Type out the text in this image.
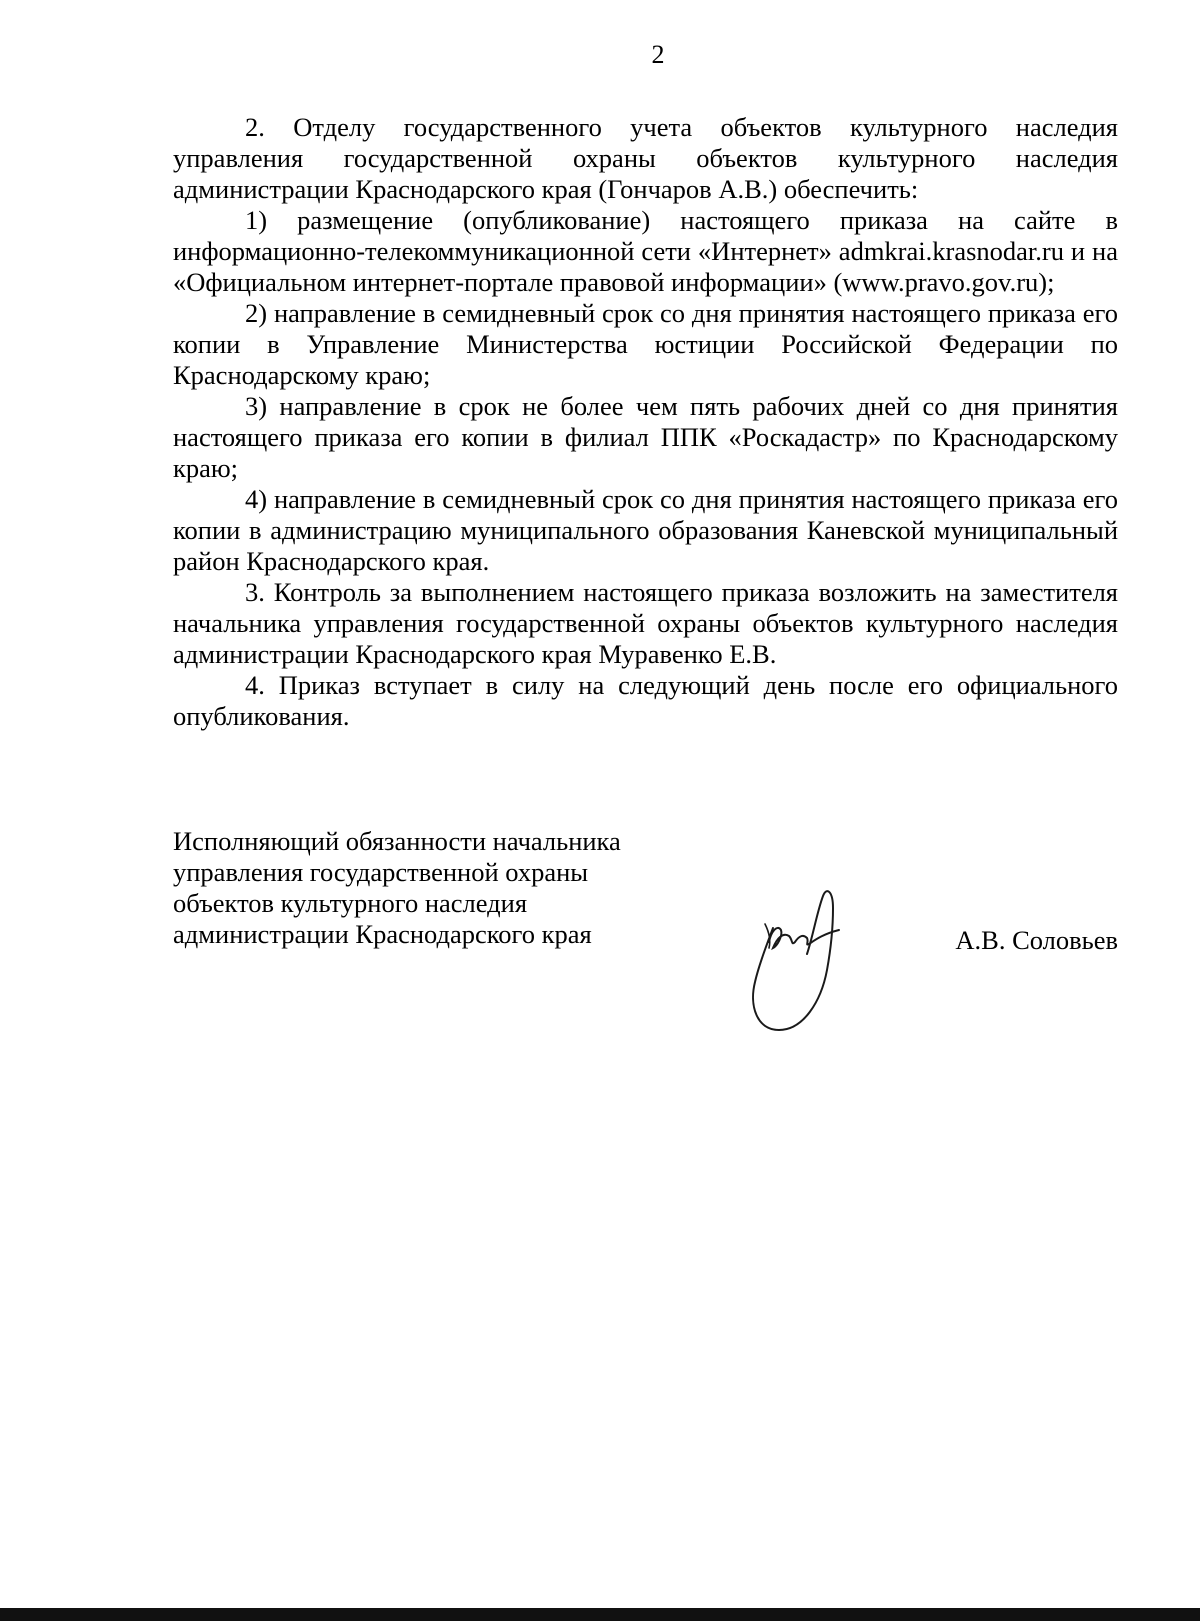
2

2. Отделу государственного учета объектов культурного наследия управления государственной охраны объектов культурного наследия администрации Краснодарского края (Гончаров А.В.) обеспечить:

1) размещение (опубликование) настоящего приказа на сайте в информационно-телекоммуникационной сети «Интернет» admkrai.krasnodar.ru и на «Официальном интернет-портале правовой информации» (www.pravo.gov.ru);

2) направление в семидневный срок со дня принятия настоящего приказа его копии в Управление Министерства юстиции Российской Федерации по Краснодарскому краю;

3) направление в срок не более чем пять рабочих дней со дня принятия настоящего приказа его копии в филиал ППК «Роскадастр» по Краснодарскому краю;

4) направление в семидневный срок со дня принятия настоящего приказа его копии в администрацию муниципального образования Каневской муниципальный район Краснодарского края.

3. Контроль за выполнением настоящего приказа возложить на заместителя начальника управления государственной охраны объектов культурного наследия администрации Краснодарского края Муравенко Е.В.

4. Приказ вступает в силу на следующий день после его официального опубликования.

Исполняющий обязанности начальника
управления государственной охраны
объектов культурного наследия
администрации Краснодарского края	А.В. Соловьев
